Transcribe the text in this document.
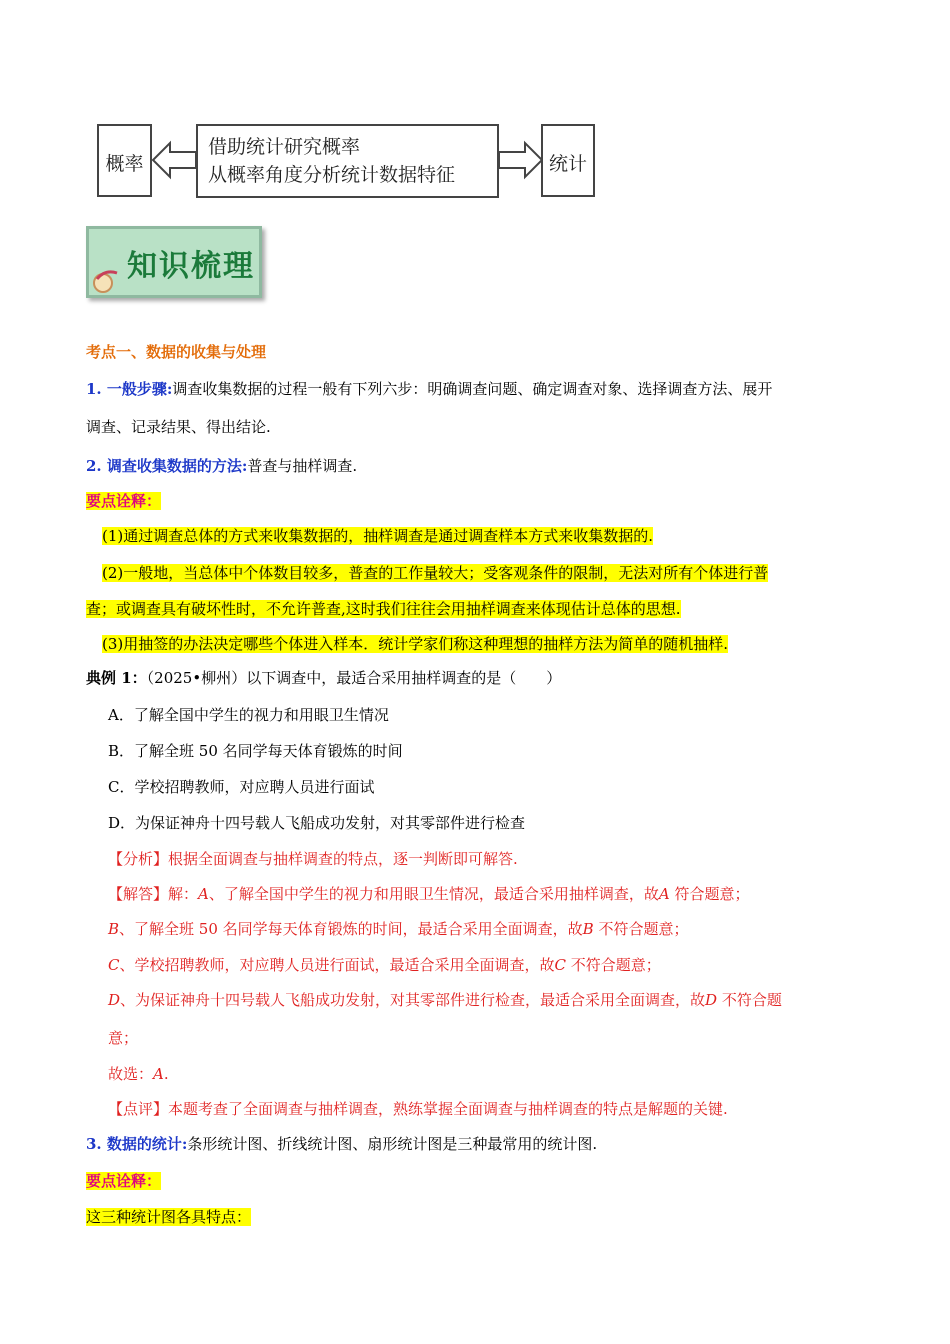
概率
借助统计研究概率
从概率角度分析统计数据特征	统计
知识梳理
考点一、数据的收集与处理
1. 一般步骤:调查收集数据的过程一般有下列六步：明确调查问题、确定调查对象、选择调查方法、展开
调查、记录结果、得出结论.
2. 调查收集数据的方法:普查与抽样调查.
要点诠释：
(1)通过调查总体的方式来收集数据的，抽样调查是通过调查样本方式来收集数据的.
(2)一般地，当总体中个体数目较多，普查的工作量较大；受客观条件的限制，无法对所有个体进行普
查；或调查具有破坏性时，不允许普查,这时我们往往会用抽样调查来体现估计总体的思想.
(3)用抽签的办法决定哪些个体进入样本．统计学家们称这种理想的抽样方法为简单的随机抽样.
典例 1：（2025•柳州）以下调查中，最适合采用抽样调查的是（　　）
A．了解全国中学生的视力和用眼卫生情况
B．了解全班 50 名同学每天体育锻炼的时间
C．学校招聘教师，对应聘人员进行面试
D．为保证神舟十四号载人飞船成功发射，对其零部件进行检查
【分析】根据全面调查与抽样调查的特点，逐一判断即可解答.
【解答】解：A、了解全国中学生的视力和用眼卫生情况，最适合采用抽样调查，故A 符合题意；
B、了解全班 50 名同学每天体育锻炼的时间，最适合采用全面调查，故B 不符合题意；
C、学校招聘教师，对应聘人员进行面试，最适合采用全面调查，故C 不符合题意；
D、为保证神舟十四号载人飞船成功发射，对其零部件进行检查，最适合采用全面调查，故D 不符合题
意；
故选：A.
【点评】本题考查了全面调查与抽样调查，熟练掌握全面调查与抽样调查的特点是解题的关键.
3. 数据的统计:条形统计图、折线统计图、扇形统计图是三种最常用的统计图.
要点诠释：
这三种统计图各具特点：
